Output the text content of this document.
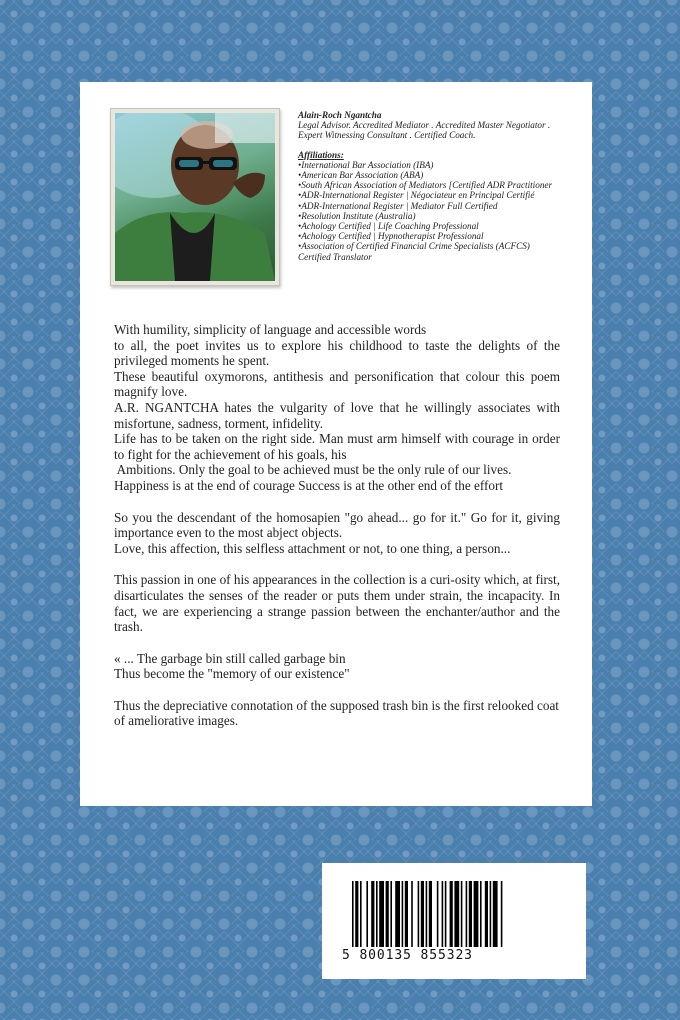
Alain-Roch Ngantcha
Legal Advisor. Accredited Mediator . Accredited Master Negotiator . Expert Witnessing Consultant . Certified Coach.
Affiliations:
• International Bar Association (IBA)
• American Bar Association (ABA)
• South African Association of Mediators [Certified ADR Practitioner
• ADR-International Register | Négociateur en Principal Certifié
• ADR-International Register | Mediator Full Certified
• Resolution Institute (Australia)
• Achology Certified | Life Coaching Professional
• Achology Certified | Hypnotherapist Professional
• Association of Certified Financial Crime Specialists (ACFCS)
Certified Translator

With humility, simplicity of language and accessible words

to all, the poet invites us to explore his childhood to taste the delights of the privileged moments he spent.

These beautiful oxymorons, antithesis and personification that colour this poem magnify love.

A.R. NGANTCHA hates the vulgarity of love that he willingly associates with misfortune, sadness, torment, infidelity.

Life has to be taken on the right side. Man must arm himself with courage in order to fight for the achievement of his goals, his

Ambitions. Only the goal to be achieved must be the only rule of our lives.

Happiness is at the end of courage Success is at the other end of the effort

So you the descendant of the homosapien "go ahead... go for it." Go for it, giving importance even to the most abject objects.

Love, this affection, this selfless attachment or not, to one thing, a person...

This passion in one of his appearances in the collection is a curi-osity which, at first, disarticulates the senses of the reader or puts them under strain, the incapacity. In fact, we are experiencing a strange passion between the enchanter/author and the trash.

« ... The garbage bin still called garbage bin

Thus become the "memory of our existence"

Thus the depreciative connotation of the supposed trash bin is the first relooked coat of ameliorative images.

5 800135 855323
